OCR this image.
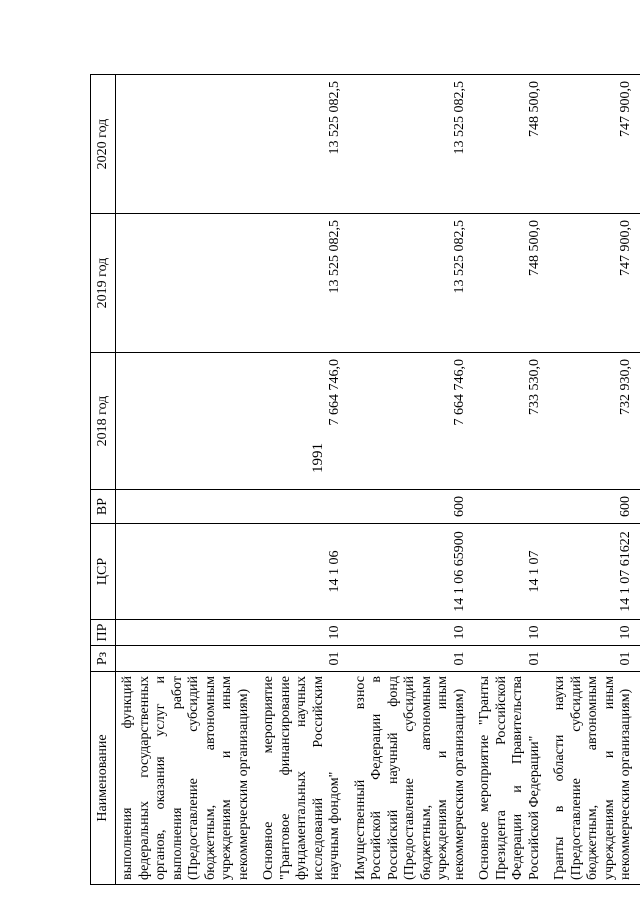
1991
Наименование	Рз	ПР	ЦСР	ВР	2018 год	2019 год	2020 год
выполнения функций федеральных государственных органов, оказания услуг и выполнения работ (Предоставление субсидий бюджетным, автономным учреждениям и иным некоммерческим организациям)							
Основное мероприятие "Грантовое финансирование фундаментальных научных исследований Российским научным фондом"	01	10	14 1 06		7 664 746,0	13 525 082,5	13 525 082,5
Имущественный взнос Российской Федерации в Российский научный фонд (Предоставление субсидий бюджетным, автономным учреждениям и иным некоммерческим организациям)	01	10	14 1 06 65900	600	7 664 746,0	13 525 082,5	13 525 082,5
Основное мероприятие "Гранты Президента Российской Федерации и Правительства Российской Федерации"	01	10	14 1 07		733 530,0	748 500,0	748 500,0
Гранты в области науки (Предоставление субсидий бюджетным, автономным учреждениям и иным некоммерческим организациям)	01	10	14 1 07 61622	600	732 930,0	747 900,0	747 900,0
